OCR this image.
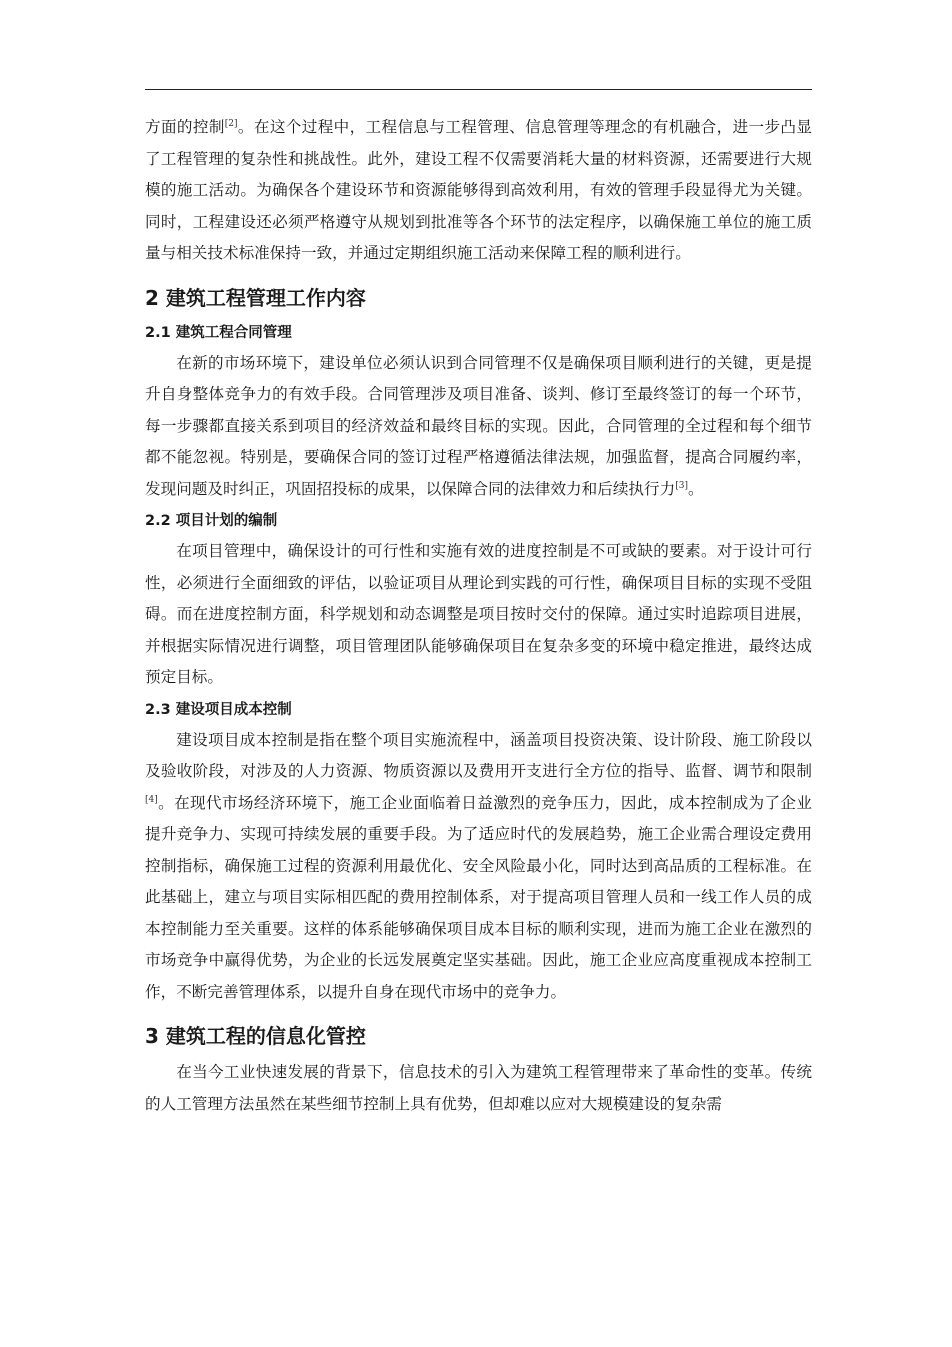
方面的控制[2]。在这个过程中，工程信息与工程管理、信息管理等理念的有机融合，进一步凸显了工程管理的复杂性和挑战性。此外，建设工程不仅需要消耗大量的材料资源，还需要进行大规模的施工活动。为确保各个建设环节和资源能够得到高效利用，有效的管理手段显得尤为关键。同时，工程建设还必须严格遵守从规划到批准等各个环节的法定程序，以确保施工单位的施工质量与相关技术标准保持一致，并通过定期组织施工活动来保障工程的顺利进行。

2 建筑工程管理工作内容
2.1 建筑工程合同管理

在新的市场环境下，建设单位必须认识到合同管理不仅是确保项目顺利进行的关键，更是提升自身整体竞争力的有效手段。合同管理涉及项目准备、谈判、修订至最终签订的每一个环节，每一步骤都直接关系到项目的经济效益和最终目标的实现。因此，合同管理的全过程和每个细节都不能忽视。特别是，要确保合同的签订过程严格遵循法律法规，加强监督，提高合同履约率，发现问题及时纠正，巩固招投标的成果，以保障合同的法律效力和后续执行力[3]。

2.2 项目计划的编制

在项目管理中，确保设计的可行性和实施有效的进度控制是不可或缺的要素。对于设计可行性，必须进行全面细致的评估，以验证项目从理论到实践的可行性，确保项目目标的实现不受阻碍。而在进度控制方面，科学规划和动态调整是项目按时交付的保障。通过实时追踪项目进展，并根据实际情况进行调整，项目管理团队能够确保项目在复杂多变的环境中稳定推进，最终达成预定目标。

2.3 建设项目成本控制

建设项目成本控制是指在整个项目实施流程中，涵盖项目投资决策、设计阶段、施工阶段以及验收阶段，对涉及的人力资源、物质资源以及费用开支进行全方位的指导、监督、调节和限制[4]。在现代市场经济环境下，施工企业面临着日益激烈的竞争压力，因此，成本控制成为了企业提升竞争力、实现可持续发展的重要手段。为了适应时代的发展趋势，施工企业需合理设定费用控制指标，确保施工过程的资源利用最优化、安全风险最小化，同时达到高品质的工程标准。在此基础上，建立与项目实际相匹配的费用控制体系，对于提高项目管理人员和一线工作人员的成本控制能力至关重要。这样的体系能够确保项目成本目标的顺利实现，进而为施工企业在激烈的市场竞争中赢得优势，为企业的长远发展奠定坚实基础。因此，施工企业应高度重视成本控制工作，不断完善管理体系，以提升自身在现代市场中的竞争力。

3 建筑工程的信息化管控

在当今工业快速发展的背景下，信息技术的引入为建筑工程管理带来了革命性的变革。传统的人工管理方法虽然在某些细节控制上具有优势，但却难以应对大规模建设的复杂需
